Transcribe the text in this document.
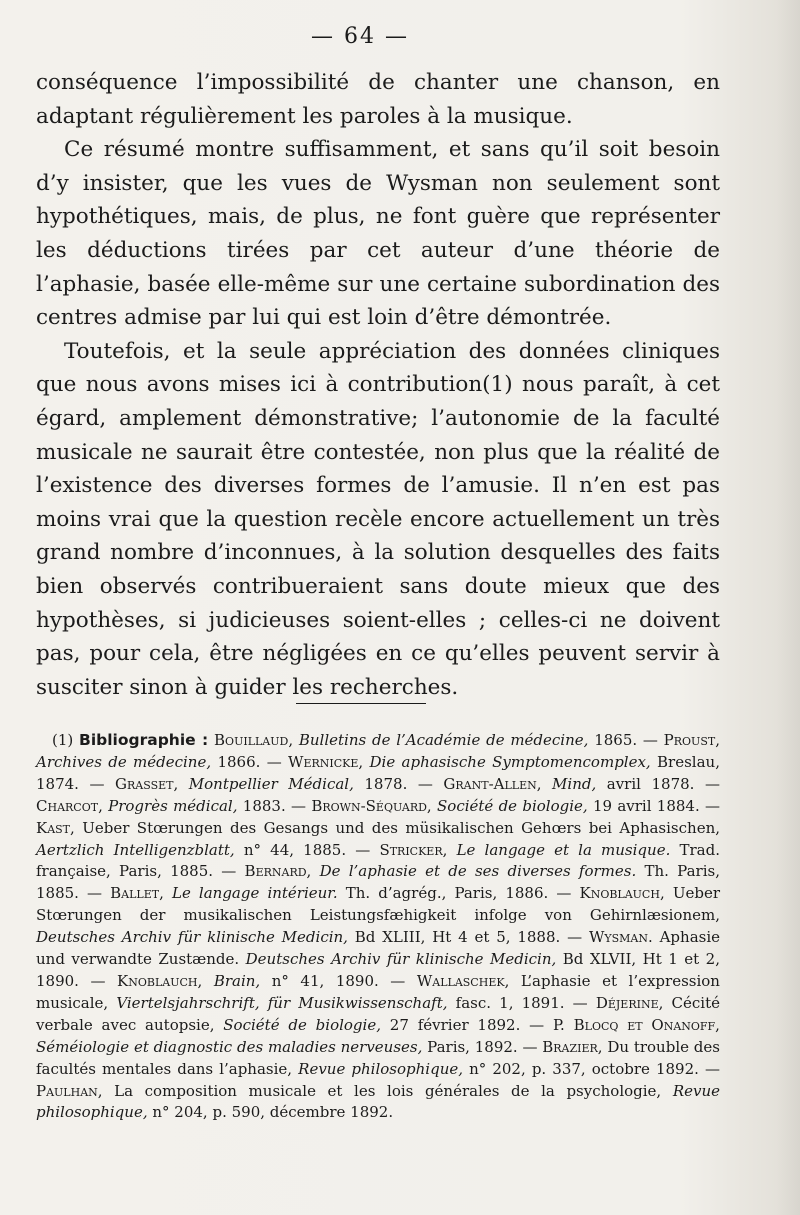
— 64 —

conséquence l’impossibilité de chanter une chanson, en adaptant régulièrement les paroles à la musique.

Ce résumé montre suffisamment, et sans qu’il soit besoin d’y insister, que les vues de Wysman non seulement sont hypothétiques, mais, de plus, ne font guère que représenter les déductions tirées par cet auteur d’une théorie de l’aphasie, basée elle-même sur une certaine subordination des centres admise par lui qui est loin d’être démontrée.

Toutefois, et la seule appréciation des données cliniques que nous avons mises ici à contribution(1) nous paraît, à cet égard, amplement démonstrative; l’autonomie de la faculté musicale ne saurait être contestée, non plus que la réalité de l’existence des diverses formes de l’amusie. Il n’en est pas moins vrai que la question recèle encore actuellement un très grand nombre d’inconnues, à la solution desquelles des faits bien observés contribueraient sans doute mieux que des hypothèses, si judicieuses soient-elles ; celles-ci ne doivent pas, pour cela, être négligées en ce qu’elles peuvent servir à susciter sinon à guider les recherches.

(1) Bibliographie : Bouillaud, Bulletins de l’Académie de médecine, 1865. — Proust, Archives de médecine, 1866. — Wernicke, Die aphasische Symptomencomplex, Breslau, 1874. — Grasset, Montpellier Médical, 1878. — Grant-Allen, Mind, avril 1878. — Charcot, Progrès médical, 1883. — Brown-Séquard, Société de biologie, 19 avril 1884. — Kast, Ueber Stœrungen des Gesangs und des müsikalischen Gehœrs bei Aphasischen, Aertzlich Intelligenzblatt, n° 44, 1885. — Stricker, Le langage et la musique. Trad. française, Paris, 1885. — Bernard, De l’aphasie et de ses diverses formes. Th. Paris, 1885. — Ballet, Le langage intérieur. Th. d’agrég., Paris, 1886. — Knoblauch, Ueber Stœrungen der musikalischen Leistungsfæhigkeit infolge von Gehirnlæsionem, Deutsches Archiv für klinische Medicin, Bd XLIII, Ht 4 et 5, 1888. — Wysman. Aphasie und verwandte Zustænde. Deutsches Archiv für klinische Medicin, Bd XLVII, Ht 1 et 2, 1890. — Knoblauch, Brain, n° 41, 1890. — Wallaschek, L’aphasie et l’expression musicale, Viertelsjahrschrift, für Musikwissenschaft, fasc. 1, 1891. — Déjerine, Cécité verbale avec autopsie, Société de biologie, 27 février 1892. — P. Blocq et Onanoff, Séméiologie et diagnostic des maladies nerveuses, Paris, 1892. — Brazier, Du trouble des facultés mentales dans l’aphasie, Revue philosophique, n° 202, p. 337, octobre 1892. — Paulhan, La composition musicale et les lois générales de la psychologie, Revue philosophique, n° 204, p. 590, décembre 1892.
